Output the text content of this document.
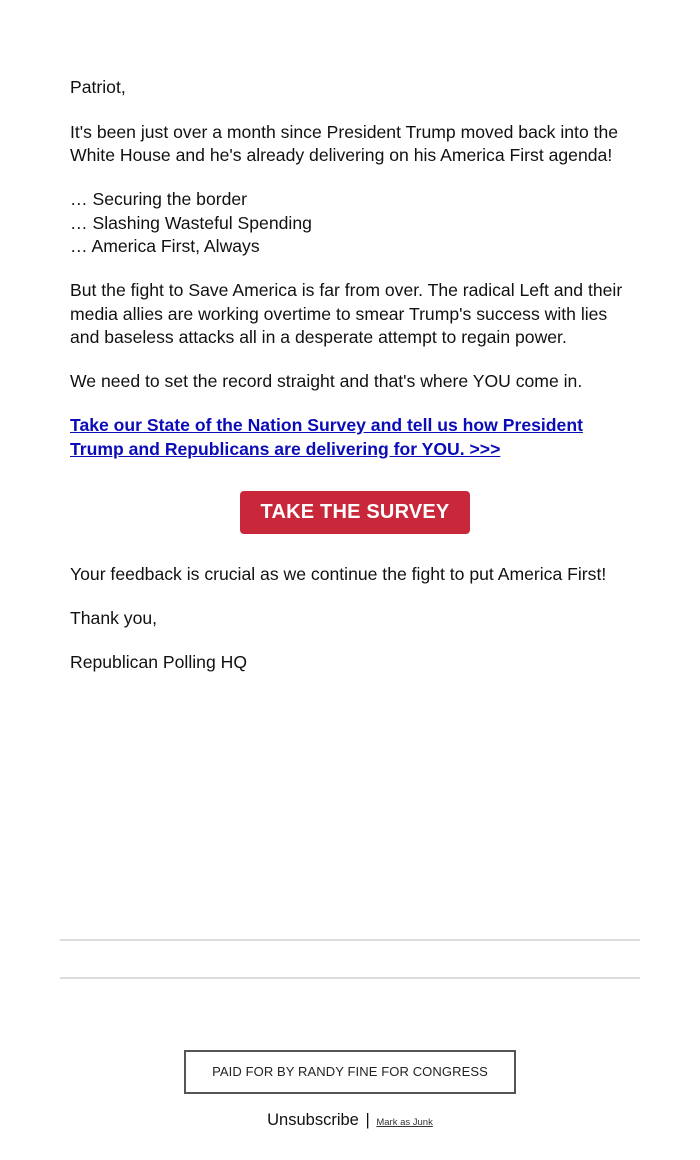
Patriot,

It's been just over a month since President Trump moved back into the White House and he's already delivering on his America First agenda!

… Securing the border
… Slashing Wasteful Spending
… America First, Always

But the fight to Save America is far from over. The radical Left and their media allies are working overtime to smear Trump's success with lies and baseless attacks all in a desperate attempt to regain power.

We need to set the record straight and that's where YOU come in.

Take our State of the Nation Survey and tell us how President Trump and Republicans are delivering for YOU. >>>

TAKE THE SURVEY

Your feedback is crucial as we continue the fight to put America First!

Thank you,

Republican Polling HQ

PAID FOR BY RANDY FINE FOR CONGRESS
Unsubscribe | Mark as Junk
